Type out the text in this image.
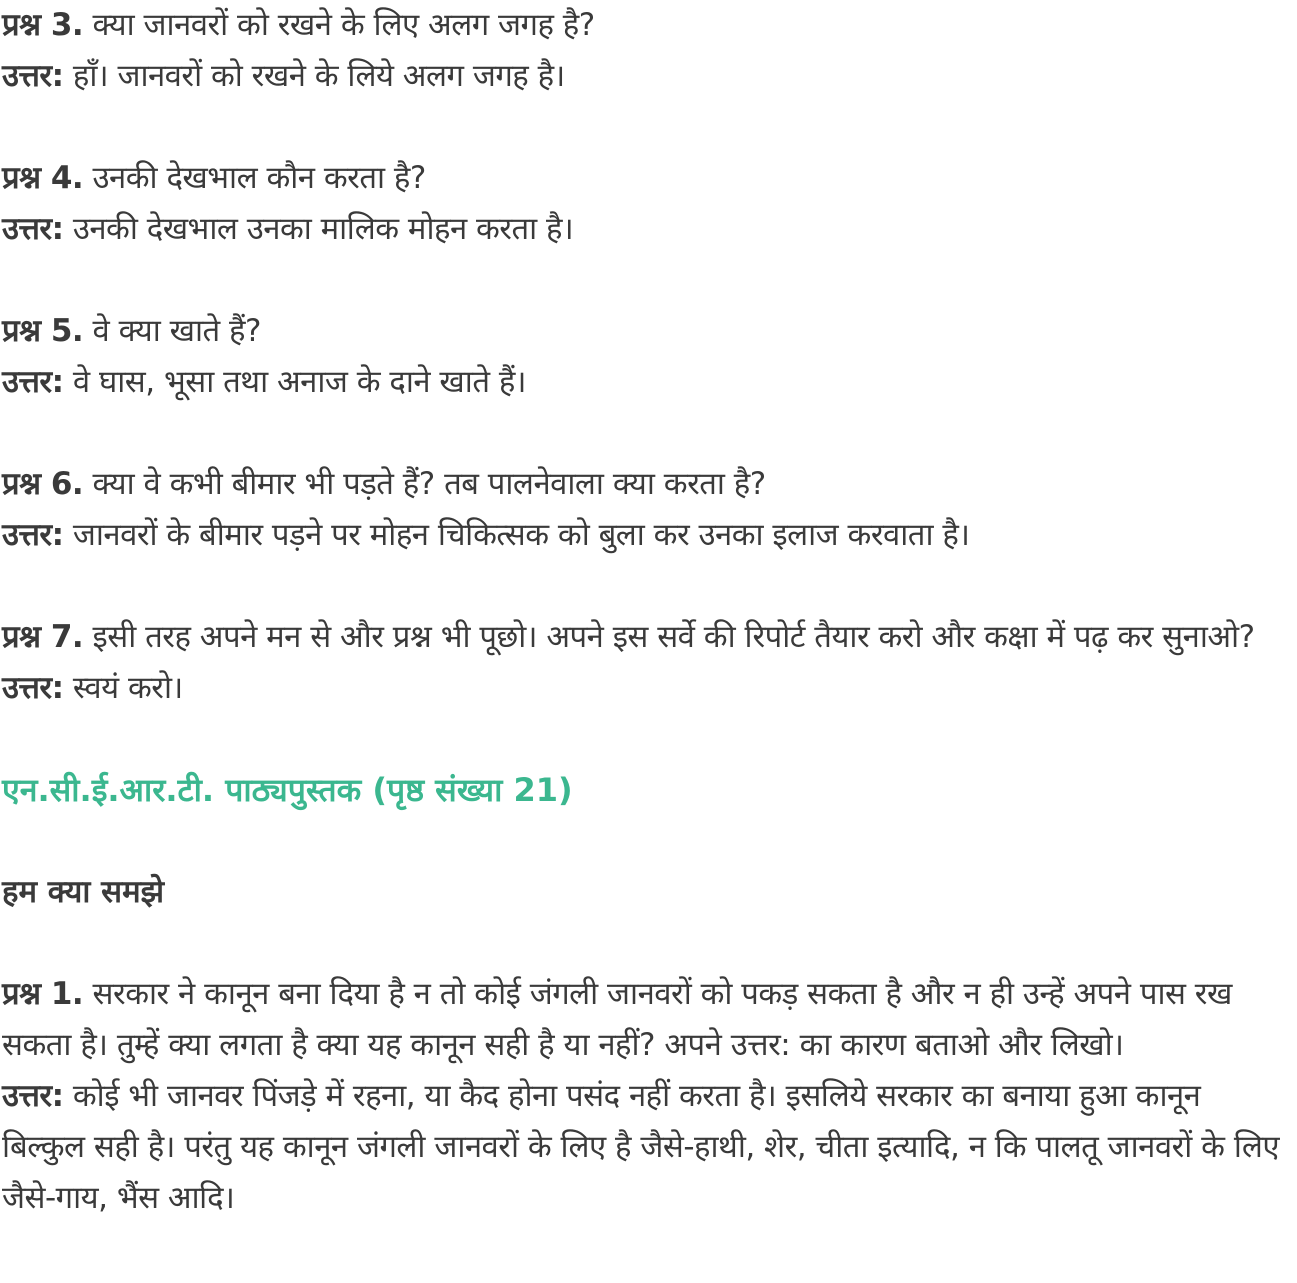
प्रश्न 3. क्या जानवरों को रखने के लिए अलग जगह है?
उत्तर: हाँ। जानवरों को रखने के लिये अलग जगह है।
प्रश्न 4. उनकी देखभाल कौन करता है?
उत्तर: उनकी देखभाल उनका मालिक मोहन करता है।
प्रश्न 5. वे क्या खाते हैं?
उत्तर: वे घास, भूसा तथा अनाज के दाने खाते हैं।
प्रश्न 6. क्या वे कभी बीमार भी पड़ते हैं? तब पालनेवाला क्या करता है?
उत्तर: जानवरों के बीमार पड़ने पर मोहन चिकित्सक को बुला कर उनका इलाज करवाता है।
प्रश्न 7. इसी तरह अपने मन से और प्रश्न भी पूछो। अपने इस सर्वे की रिपोर्ट तैयार करो और कक्षा में पढ़ कर सुनाओ?
उत्तर: स्वयं करो।
एन.सी.ई.आर.टी. पाठ्यपुस्तक (पृष्ठ संख्या 21)
हम क्या समझे
प्रश्न 1. सरकार ने कानून बना दिया है न तो कोई जंगली जानवरों को पकड़ सकता है और न ही उन्हें अपने पास रख सकता है। तुम्हें क्या लगता है क्या यह कानून सही है या नहीं? अपने उत्तर: का कारण बताओ और लिखो।
उत्तर: कोई भी जानवर पिंजड़े में रहना, या कैद होना पसंद नहीं करता है। इसलिये सरकार का बनाया हुआ कानून बिल्कुल सही है। परंतु यह कानून जंगली जानवरों के लिए है जैसे-हाथी, शेर, चीता इत्यादि, न कि पालतू जानवरों के लिए जैसे-गाय, भैंस आदि।
